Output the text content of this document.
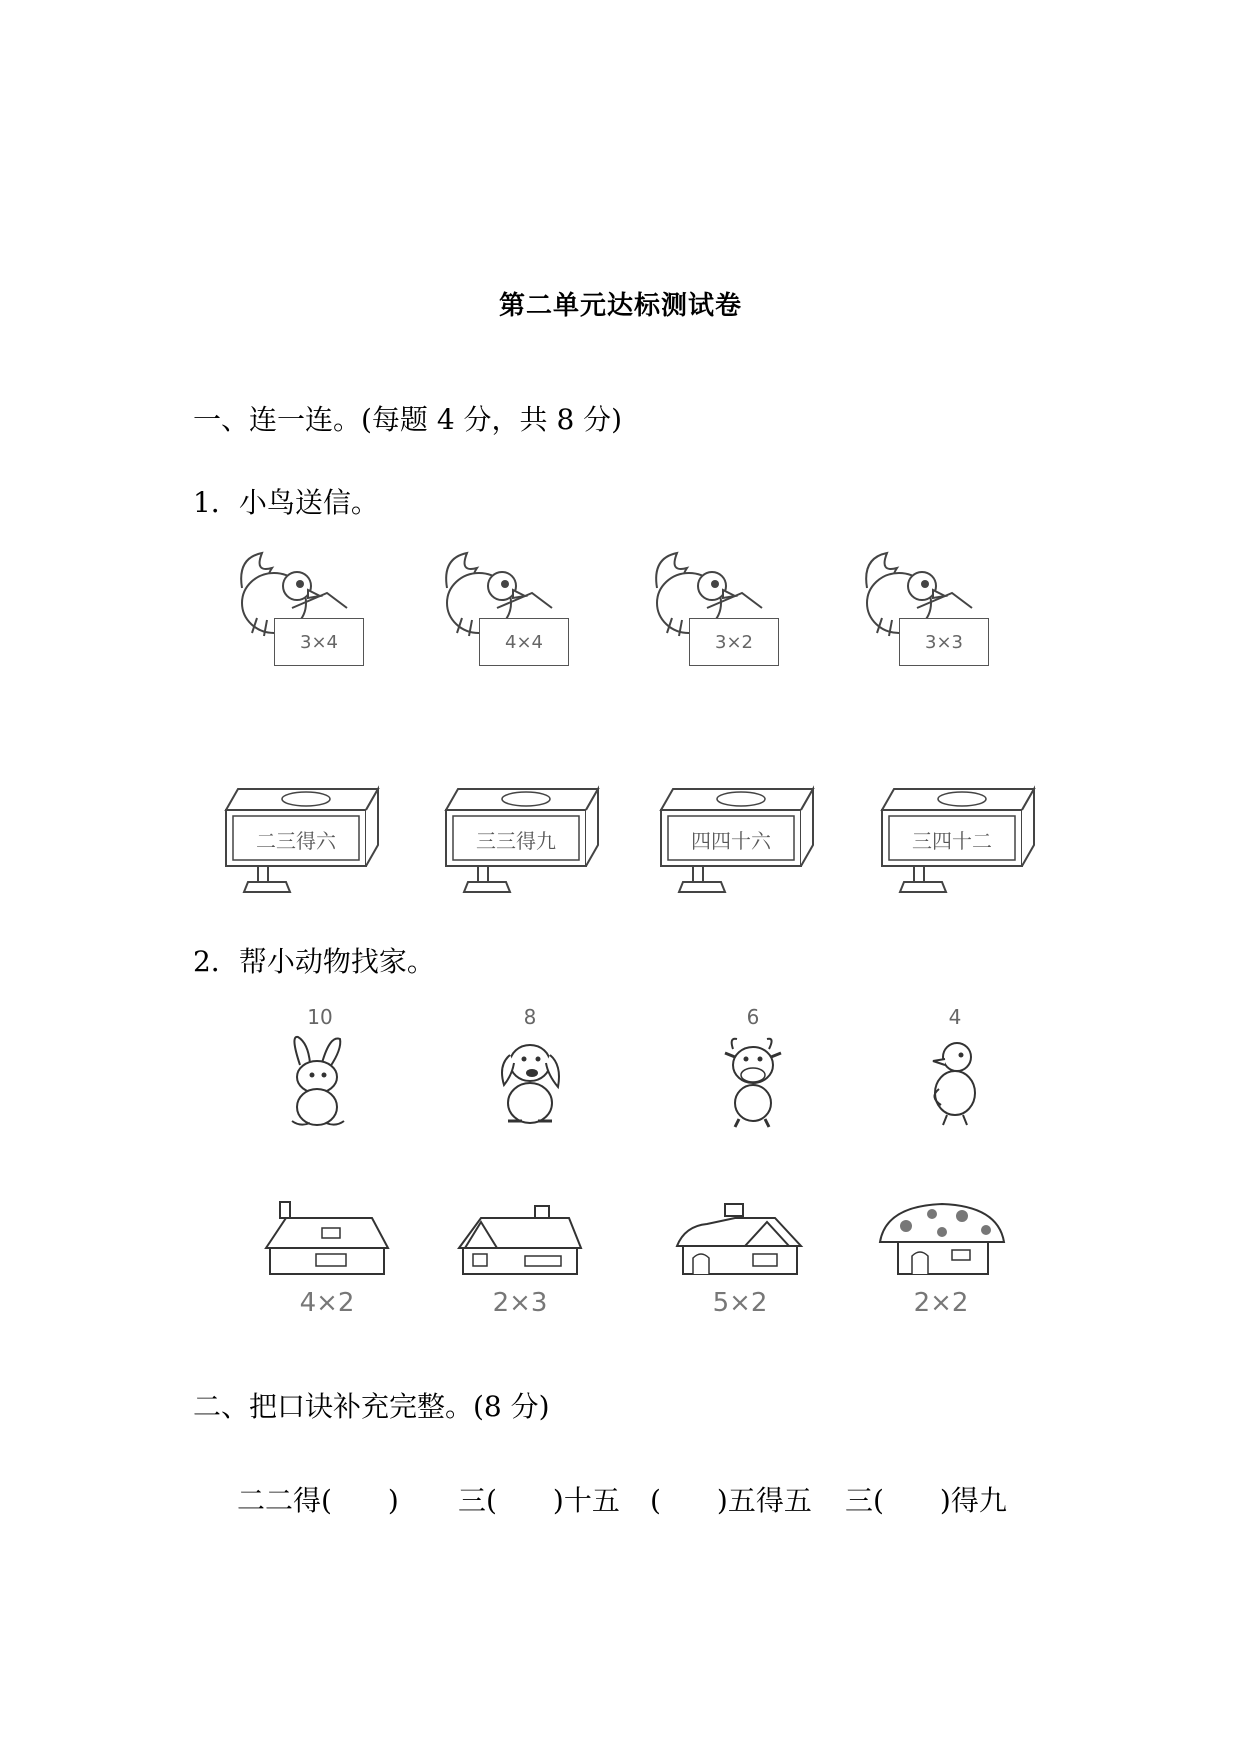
第二单元达标测试卷
一、连一连。(每题 4 分，共 8 分)
1．小鸟送信。
3×4	4×4	3×2	3×3
二三得六	三三得九	四四十六	三四十二
2．帮小动物找家。
10	8	6	4
4×2	2×3	5×2	2×2
二、把口诀补充完整。(8 分)
二二得(　　) 三(　　)十五 (　　)五得五 三(　　)得九
